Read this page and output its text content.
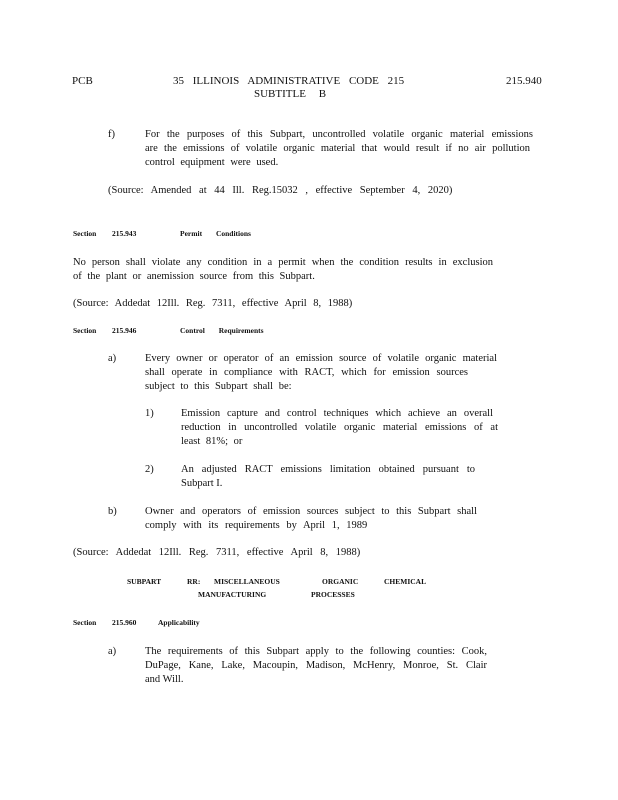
PCB	35 ILLINOIS ADMINISTRATIVE CODE 215
SUBTITLE B
215.940
f)	For the purposes of this Subpart, uncontrolled volatile organic material emissions
are the emissions of volatile organic material that would result if no air pollution
control equipment were used.
(Source: Amended at 44 Ill. Reg.15032 , effective September 4, 2020)
Section 215.943	Permit Conditions
No person shall violate any condition in a permit when the condition results in exclusion
of the plant or anemission source from this Subpart.
(Source: Addedat 12Ill. Reg. 7311, effective April 8, 1988)
Section 215.946	Control Requirements
a)	Every owner or operator of an emission source of volatile organic material
shall operate in compliance with RACT, which for emission sources
subject to this Subpart shall be:
1)	Emission capture and control techniques which achieve an overall
reduction in uncontrolled volatile organic material emissions of at
least 81%; or
2)	An adjusted RACT emissions limitation obtained pursuant to
Subpart I.
b)	Owner and operators of emission sources subject to this Subpart shall
comply with its requirements by April 1, 1989
(Source: Addedat 12Ill. Reg. 7311, effective April 8, 1988)
SUBPART	RR: MISCELLANEOUS	ORGANIC	CHEMICAL
MANUFACTURING	PROCESSES
Section 215.960	Applicability
a)	The requirements of this Subpart apply to the following counties: Cook,
DuPage, Kane, Lake, Macoupin, Madison, McHenry, Monroe, St. Clair
and Will.
